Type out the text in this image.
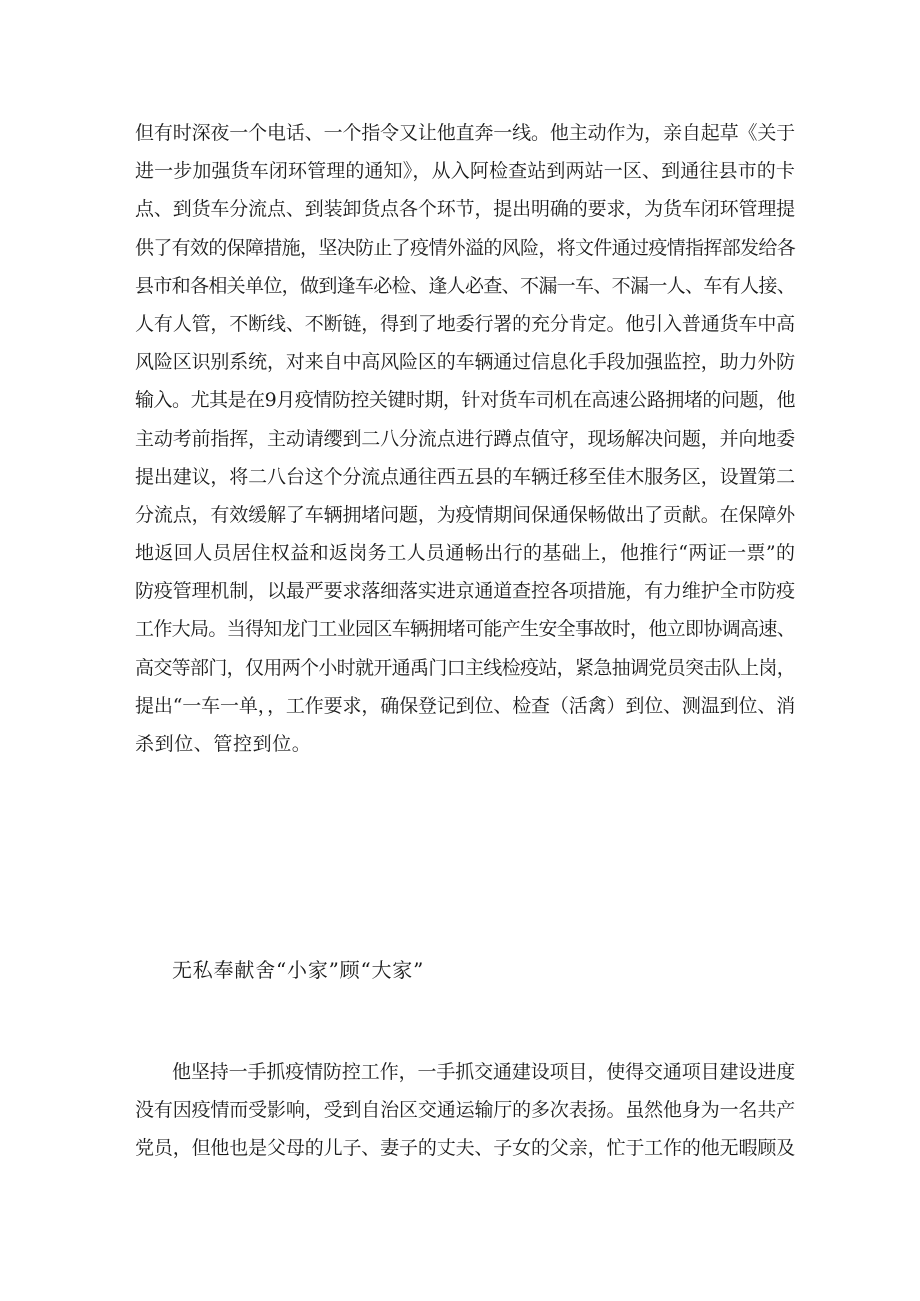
但有时深夜一个电话、一个指令又让他直奔一线。他主动作为，亲自起草《关于
进一步加强货车闭环管理的通知》，从入阿检查站到两站一区、到通往县市的卡
点、到货车分流点、到装卸货点各个环节，提出明确的要求，为货车闭环管理提
供了有效的保障措施，坚决防止了疫情外溢的风险，将文件通过疫情指挥部发给各
县市和各相关单位，做到逢车必检、逢人必查、不漏一车、不漏一人、车有人接、
人有人管，不断线、不断链，得到了地委行署的充分肯定。他引入普通货车中高
风险区识别系统，对来自中高风险区的车辆通过信息化手段加强监控，助力外防
输入。尤其是在9月疫情防控关键时期，针对货车司机在高速公路拥堵的问题，他
主动考前指挥，主动请缨到二八分流点进行蹲点值守，现场解决问题，并向地委
提出建议，将二八台这个分流点通往西五县的车辆迁移至佳木服务区，设置第二
分流点，有效缓解了车辆拥堵问题，为疫情期间保通保畅做出了贡献。在保障外
地返回人员居住权益和返岗务工人员通畅出行的基础上，他推行“两证一票”的
防疫管理机制，以最严要求落细落实进京通道查控各项措施，有力维护全市防疫
工作大局。当得知龙门工业园区车辆拥堵可能产生安全事故时，他立即协调高速、
高交等部门，仅用两个小时就开通禹门口主线检疫站，紧急抽调党员突击队上岗，
提出“一车一单，，工作要求，确保登记到位、检查（活禽）到位、测温到位、消
杀到位、管控到位。
无私奉献舍“小家”顾“大家”
他坚持一手抓疫情防控工作，一手抓交通建设项目，使得交通项目建设进度
没有因疫情而受影响，受到自治区交通运输厅的多次表扬。虽然他身为一名共产
党员，但他也是父母的儿子、妻子的丈夫、子女的父亲，忙于工作的他无暇顾及
